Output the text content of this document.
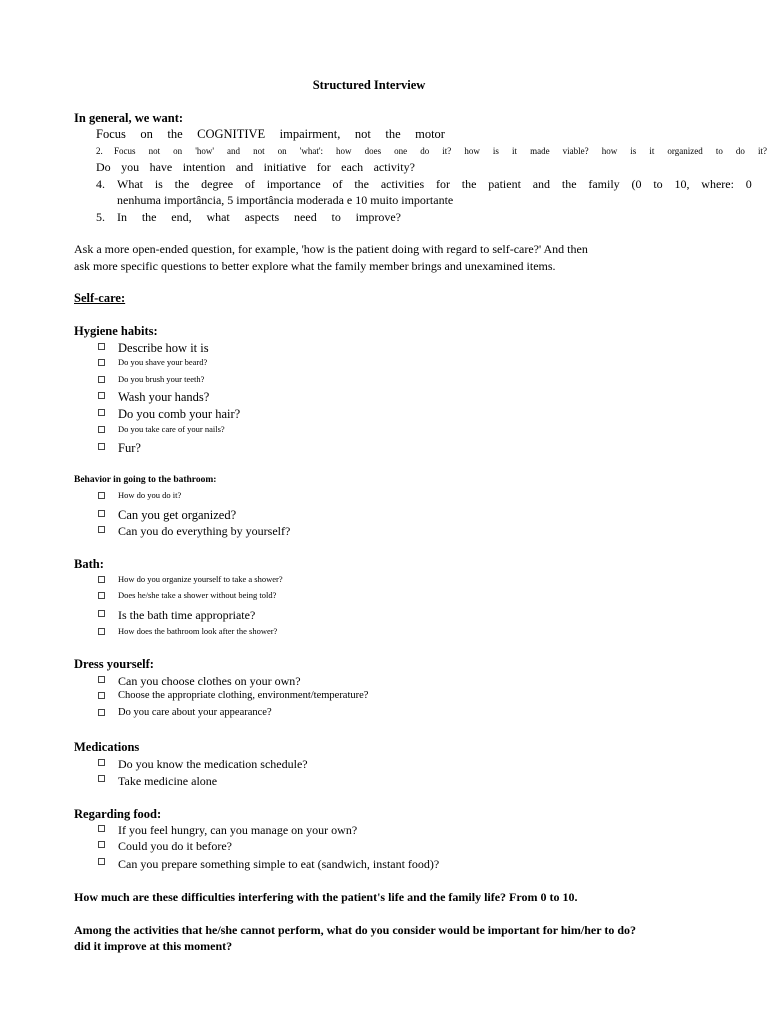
Structured Interview
In general, we want:
Focus on the COGNITIVE impairment, not the motor
2. Focus not on 'how' and not on 'what': how does one do it? how is it made viable? how is it organized to do it?
Do you have intention and initiative for each activity?
4. What is the degree of importance of the activities for the patient and the family (0 to 10, where: 0
nenhuma importância, 5 importância moderada e 10 muito importante
5. In the end, what aspects need to improve?
Ask a more open-ended question, for example, 'how is the patient doing with regard to self-care?' And then
ask more specific questions to better explore what the family member brings and unexamined items.
Self-care:
Hygiene habits:
Describe how it is
Do you shave your beard?
Do you brush your teeth?
Wash your hands?
Do you comb your hair?
Do you take care of your nails?
Fur?
Behavior in going to the bathroom:
How do you do it?
Can you get organized?
Can you do everything by yourself?
Bath:
How do you organize yourself to take a shower?
Does he/she take a shower without being told?
Is the bath time appropriate?
How does the bathroom look after the shower?
Dress yourself:
Can you choose clothes on your own?
Choose the appropriate clothing, environment/temperature?
Do you care about your appearance?
Medications
Do you know the medication schedule?
Take medicine alone
Regarding food:
If you feel hungry, can you manage on your own?
Could you do it before?
Can you prepare something simple to eat (sandwich, instant food)?
How much are these difficulties interfering with the patient's life and the family life? From 0 to 10.
Among the activities that he/she cannot perform, what do you consider would be important for him/her to do?
did it improve at this moment?
